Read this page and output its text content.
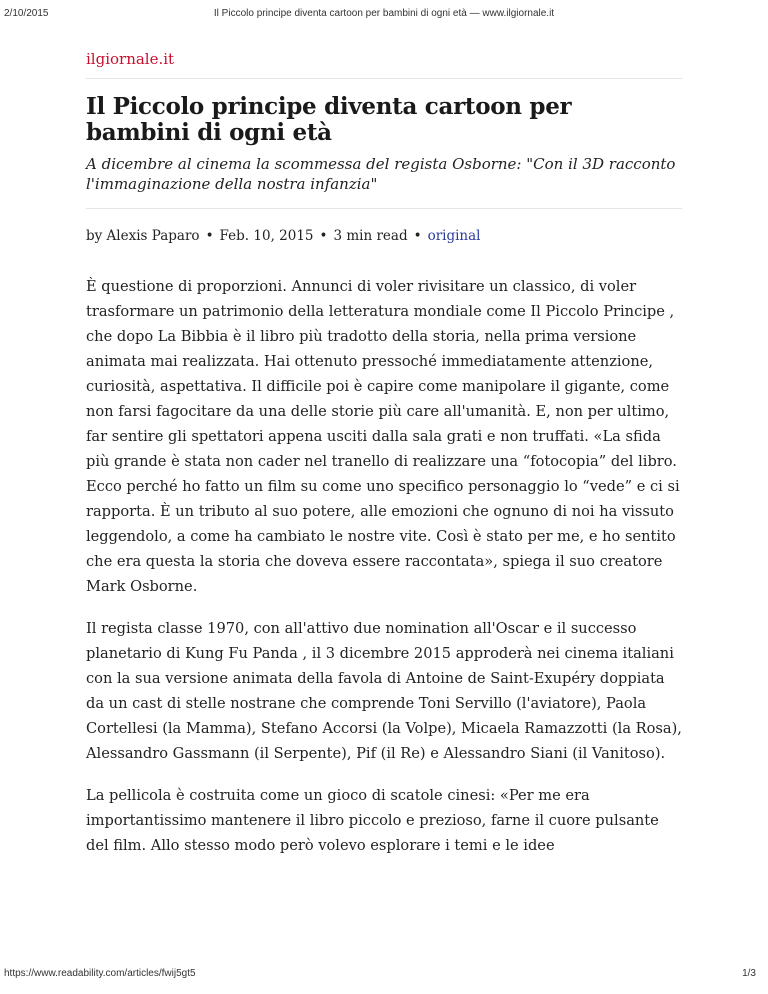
2/10/2015	Il Piccolo principe diventa cartoon per bambini di ogni età — www.ilgiornale.it
ilgiornale.it
Il Piccolo principe diventa cartoon per bambini di ogni età
A dicembre al cinema la scommessa del regista Osborne: "Con il 3D racconto l'immaginazione della nostra infanzia"
by Alexis Paparo • Feb. 10, 2015 • 3 min read • original

È questione di proporzioni. Annunci di voler rivisitare un classico, di voler trasformare un patrimonio della letteratura mondiale come Il Piccolo Principe , che dopo La Bibbia è il libro più tradotto della storia, nella prima versione animata mai realizzata. Hai ottenuto pressoché immediatamente attenzione, curiosità, aspettativa. Il difficile poi è capire come manipolare il gigante, come non farsi fagocitare da una delle storie più care all'umanità. E, non per ultimo, far sentire gli spettatori appena usciti dalla sala grati e non truffati. «La sfida più grande è stata non cader nel tranello di realizzare una “fotocopia” del libro. Ecco perché ho fatto un film su come uno specifico personaggio lo “vede” e ci si rapporta. È un tributo al suo potere, alle emozioni che ognuno di noi ha vissuto leggendolo, a come ha cambiato le nostre vite. Così è stato per me, e ho sentito che era questa la storia che doveva essere raccontata», spiega il suo creatore Mark Osborne.

Il regista classe 1970, con all'attivo due nomination all'Oscar e il successo planetario di Kung Fu Panda , il 3 dicembre 2015 approderà nei cinema italiani con la sua versione animata della favola di Antoine de Saint-Exupéry doppiata da un cast di stelle nostrane che comprende Toni Servillo (l'aviatore), Paola Cortellesi (la Mamma), Stefano Accorsi (la Volpe), Micaela Ramazzotti (la Rosa), Alessandro Gassmann (il Serpente), Pif (il Re) e Alessandro Siani (il Vanitoso).

La pellicola è costruita come un gioco di scatole cinesi: «Per me era importantissimo mantenere il libro piccolo e prezioso, farne il cuore pulsante del film. Allo stesso modo però volevo esplorare i temi e le idee

https://www.readability.com/articles/fwij5gt5	1/3
